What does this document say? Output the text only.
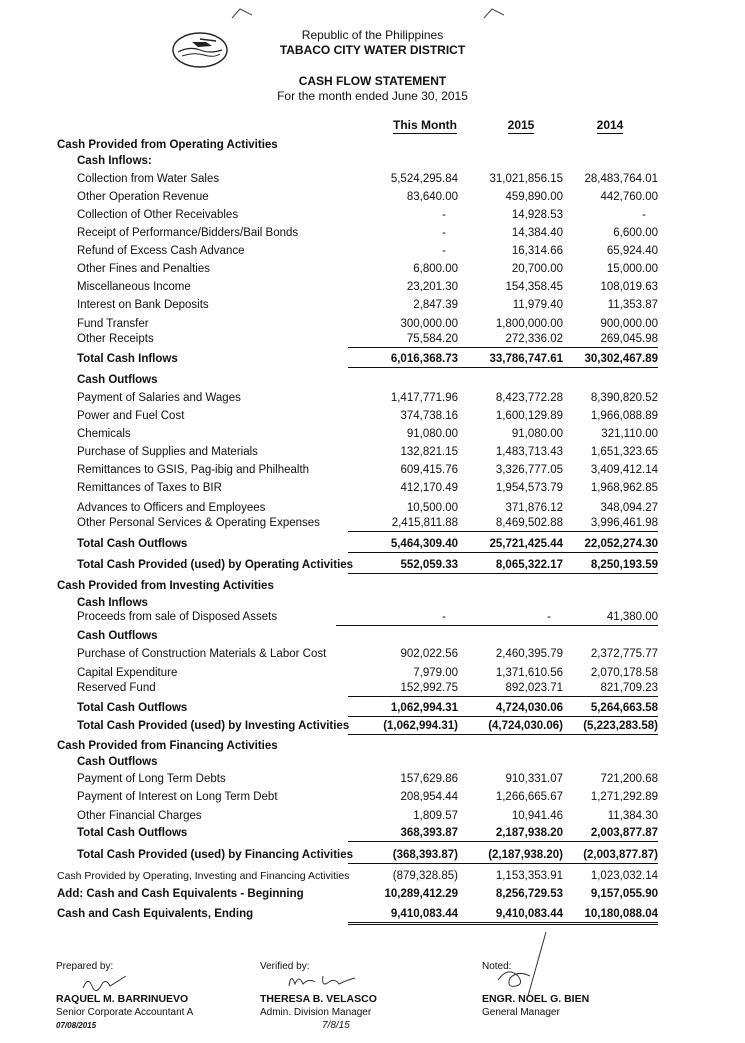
Republic of the Philippines
TABACO CITY WATER DISTRICT
CASH FLOW STATEMENT
For the month ended June 30, 2015
This Month	2015	2014
Cash Provided from Operating Activities
Cash Inflows:
Collection from Water Sales	5,524,295.84	31,021,856.15	28,483,764.01
Other Operation Revenue	83,640.00	459,890.00	442,760.00
Collection of Other Receivables	-	14,928.53	-
Receipt of Performance/Bidders/Bail Bonds	-	14,384.40	6,600.00
Refund of Excess Cash Advance	-	16,314.66	65,924.40
Other Fines and Penalties	6,800.00	20,700.00	15,000.00
Miscellaneous Income	23,201.30	154,358.45	108,019.63
Interest on Bank Deposits	2,847.39	11,979.40	11,353.87
Fund Transfer	300,000.00	1,800,000.00	900,000.00
Other Receipts	75,584.20	272,336.02	269,045.98
Total Cash Inflows	6,016,368.73	33,786,747.61	30,302,467.89
Cash Outflows
Payment of Salaries and Wages	1,417,771.96	8,423,772.28	8,390,820.52
Power and Fuel Cost	374,738.16	1,600,129.89	1,966,088.89
Chemicals	91,080.00	91,080.00	321,110.00
Purchase of Supplies and Materials	132,821.15	1,483,713.43	1,651,323.65
Remittances to GSIS, Pag-ibig and Philhealth	609,415.76	3,326,777.05	3,409,412.14
Remittances of Taxes to BIR	412,170.49	1,954,573.79	1,968,962.85
Advances to Officers and Employees	10,500.00	371,876.12	348,094.27
Other Personal Services & Operating Expenses	2,415,811.88	8,469,502.88	3,996,461.98
Total Cash Outflows	5,464,309.40	25,721,425.44	22,052,274.30
Total Cash Provided (used) by Operating Activities	552,059.33	8,065,322.17	8,250,193.59
Cash Provided from Investing Activities
Cash Inflows
Proceeds from sale of Disposed Assets	-	-	41,380.00
Cash Outflows
Purchase of Construction Materials & Labor Cost	902,022.56	2,460,395.79	2,372,775.77
Capital Expenditure	7,979.00	1,371,610.56	2,070,178.58
Reserved Fund	152,992.75	892,023.71	821,709.23
Total Cash Outflows	1,062,994.31	4,724,030.06	5,264,663.58
Total Cash Provided (used) by Investing Activities	(1,062,994.31)	(4,724,030.06)	(5,223,283.58)
Cash Provided from Financing Activities
Cash Outflows
Payment of Long Term Debts	157,629.86	910,331.07	721,200.68
Payment of Interest on Long Term Debt	208,954.44	1,266,665.67	1,271,292.89
Other Financial Charges	1,809.57	10,941.46	11,384.30
Total Cash Outflows	368,393.87	2,187,938.20	2,003,877.87
Total Cash Provided (used) by Financing Activities	(368,393.87)	(2,187,938.20)	(2,003,877.87)
Cash Provided by Operating, Investing and Financing Activities	(879,328.85)	1,153,353.91	1,023,032.14
Add: Cash and Cash Equivalents - Beginning	10,289,412.29	8,256,729.53	9,157,055.90
Cash and Cash Equivalents, Ending	9,410,083.44	9,410,083.44	10,180,088.04
Prepared by:
RAQUEL M. BARRINUEVO
Senior Corporate Accountant A
07/08/2015
Verified by:
THERESA B. VELASCO
Admin. Division Manager
7/8/15
Noted:
ENGR. NOEL G. BIEN
General Manager
